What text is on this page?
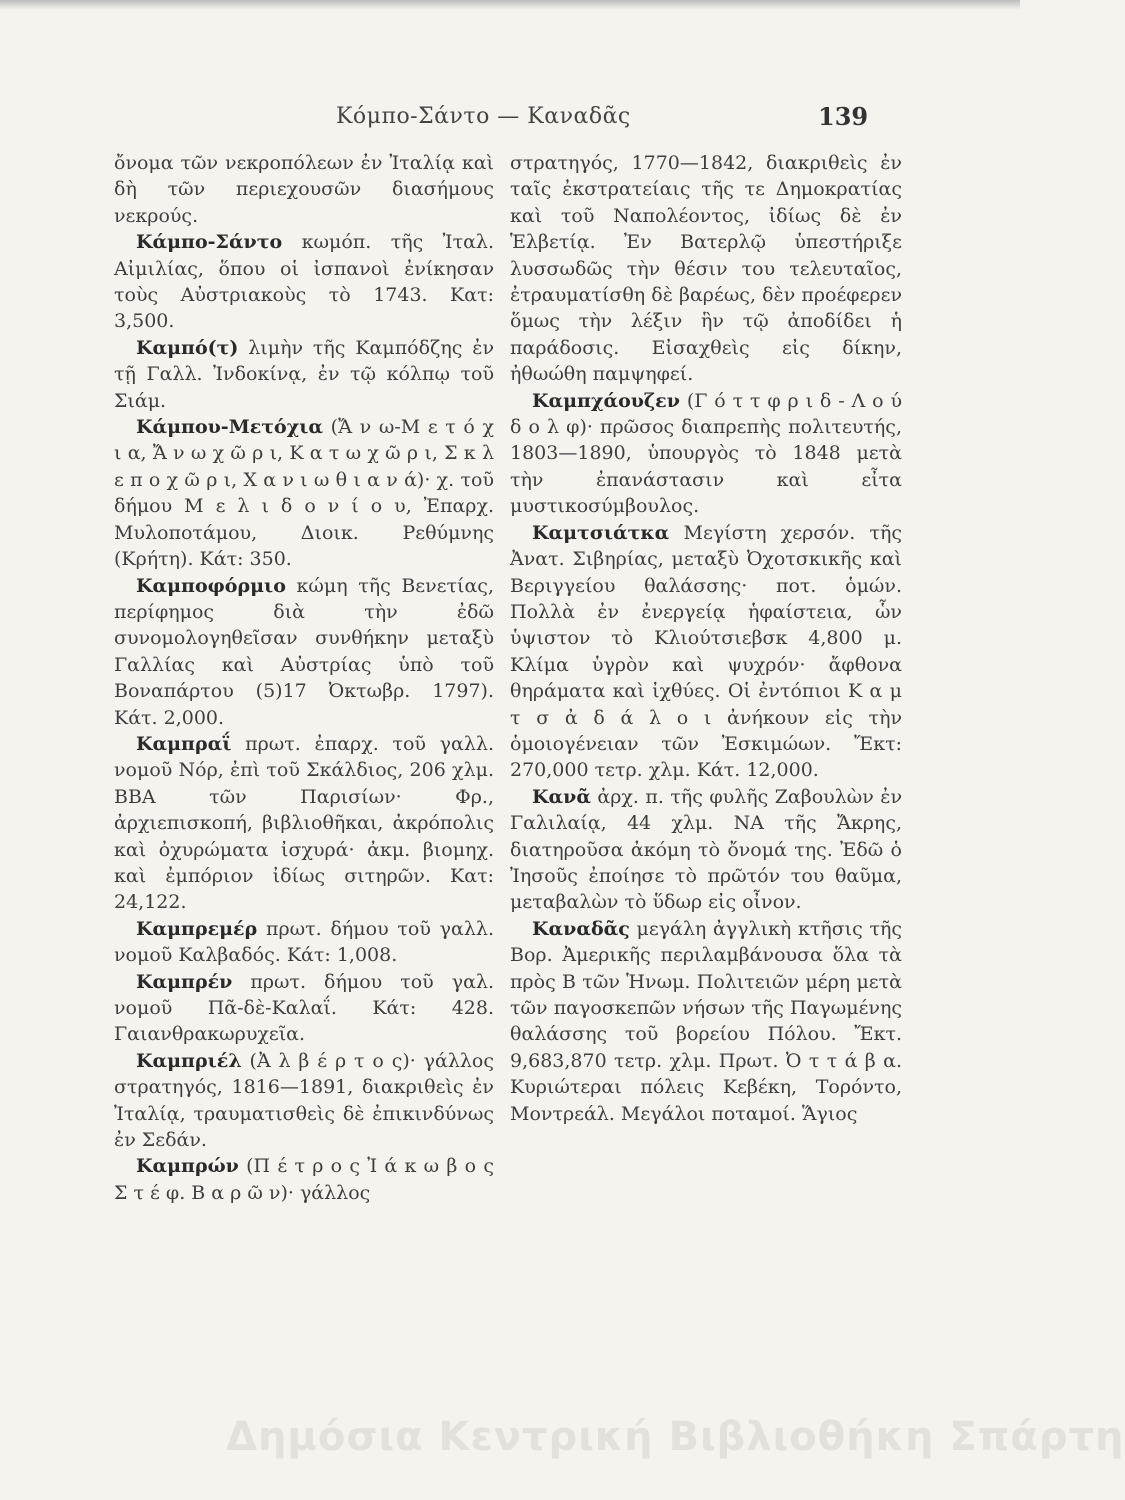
Κόμπο-Σάντο — Καναδᾶς	139

ὄνομα τῶν νεκροπόλεων ἐν Ἰταλίᾳ καὶ δὴ τῶν περιεχουσῶν διασήμους νεκρούς.

Κάμπο-Σάντο κωμόπ. τῆς Ἰταλ. Αἰμιλίας, ὅπου οἱ ἰσπανοὶ ἐνίκησαν τοὺς Αὐστριακοὺς τὸ 1743. Κατ: 3,500.

Καμπό(τ) λιμὴν τῆς Καμπόδζης ἐν τῇ Γαλλ. Ἰνδοκίνᾳ, ἐν τῷ κόλπῳ τοῦ Σιάμ.

Κάμπου-Μετόχια (Ἄ ν ω-Μ ε τ ό χ ι α, Ἄ ν ω χ ῶ ρ ι, Κ α τ ω χ ῶ ρ ι, Σ κ λ ε π ο χ ῶ ρ ι, Χ α ν ι ω θ ι α ν ά)· χ. τοῦ δήμου Μ ε λ ι δ ο ν ί ο υ, Ἐπαρχ. Μυλοποτάμου, Διοικ. Ρεθύμνης (Κρήτη). Κάτ: 350.

Καμποφόρμιο κώμη τῆς Βενετίας, περίφημος διὰ τὴν ἐδῶ συνομολογηθεῖσαν συνθήκην μεταξὺ Γαλλίας καὶ Αὐστρίας ὑπὸ τοῦ Βοναπάρτου (5)17 Ὀκτωβρ. 1797). Κάτ. 2,000.

Καμπραΐ πρωτ. ἐπαρχ. τοῦ γαλλ. νομοῦ Νόρ, ἐπὶ τοῦ Σκάλδιος, 206 χλμ. ΒΒΑ τῶν Παρισίων· Φρ., ἀρχιεπισκοπή, βιβλιοθῆκαι, ἀκρόπολις καὶ ὀχυρώματα ἰσχυρά· ἀκμ. βιομηχ. καὶ ἐμπόριον ἰδίως σιτηρῶν. Κατ: 24,122.

Καμπρεμέρ πρωτ. δήμου τοῦ γαλλ. νομοῦ Καλβαδός. Κάτ: 1,008.

Καμπρέν πρωτ. δήμου τοῦ γαλ. νομοῦ Πᾶ-δὲ-Καλαΐ. Κάτ: 428. Γαιανθρακωρυχεῖα.

Καμπριέλ (Ἀ λ β έ ρ τ ο ς)· γάλλος στρατηγός, 1816—1891, διακριθεὶς ἐν Ἰταλίᾳ, τραυματισθεὶς δὲ ἐπικινδύνως ἐν Σεδάν.

Καμπρών (Π έ τ ρ ο ς Ἰ ά κ ω β ο ς Σ τ έ φ. Β α ρ ῶ ν)· γάλλος

στρατηγός, 1770—1842, διακριθεὶς ἐν ταῖς ἐκστρατείαις τῆς τε Δημοκρατίας καὶ τοῦ Ναπολέοντος, ἰδίως δὲ ἐν Ἑλβετίᾳ. Ἐν Βατερλῷ ὑπεστήριξε λυσσωδῶς τὴν θέσιν του τελευταῖος, ἐτραυματίσθη δὲ βαρέως, δὲν προέφερεν ὅμως τὴν λέξιν ἣν τῷ ἀποδίδει ἡ παράδοσις. Εἰσαχθεὶς εἰς δίκην, ἠθωώθη παμψηφεί.

Καμπχάουζεν (Γ ό τ τ φ ρ ι δ - Λ ο ύ δ ο λ φ)· πρῶσος διαπρεπὴς πολιτευτής, 1803—1890, ὑπουργὸς τὸ 1848 μετὰ τὴν ἐπανάστασιν καὶ εἶτα μυστικοσύμβουλος.

Καμτσιάτκα Μεγίστη χερσόν. τῆς Ἀνατ. Σιβηρίας, μεταξὺ Ὀχοτσκικῆς καὶ Βεριγγείου θαλάσσης· ποτ. ὁμών. Πολλὰ ἐν ἐνεργείᾳ ἡφαίστεια, ὧν ὑψιστον τὸ Κλιούτσιεβσκ 4,800 μ. Κλίμα ὑγρὸν καὶ ψυχρόν· ἄφθονα θηράματα καὶ ἰχθύες. Οἱ ἐντόπιοι Κ α μ τ σ ἀ δ ά λ ο ι ἀνήκουν εἰς τὴν ὁμοιογένειαν τῶν Ἐσκιμώων. Ἔκτ: 270,000 τετρ. χλμ. Κάτ. 12,000.

Κανᾶ ἀρχ. π. τῆς φυλῆς Ζαβουλὼν ἐν Γαλιλαίᾳ, 44 χλμ. ΝΑ τῆς Ἄκρης, διατηροῦσα ἀκόμη τὸ ὄνομά της. Ἐδῶ ὁ Ἰησοῦς ἐποίησε τὸ πρῶτόν του θαῦμα, μεταβαλὼν τὸ ὕδωρ εἰς οἶνον.

Καναδᾶς μεγάλη ἀγγλικὴ κτῆσις τῆς Βορ. Ἀμερικῆς περιλαμβάνουσα ὅλα τὰ πρὸς Β τῶν Ἡνωμ. Πολιτειῶν μέρη μετὰ τῶν παγοσκεπῶν νήσων τῆς Παγωμένης θαλάσσης τοῦ βορείου Πόλου. Ἔκτ. 9,683,870 τετρ. χλμ. Πρωτ. Ὀ τ τ ά β α. Κυριώτεραι πόλεις Κεβέκη, Τορόντο, Μοντρεάλ. Μεγάλοι ποταμοί. Ἅγιος

Δημόσια Κεντρική Βιβλιοθήκη Σπάρτη
